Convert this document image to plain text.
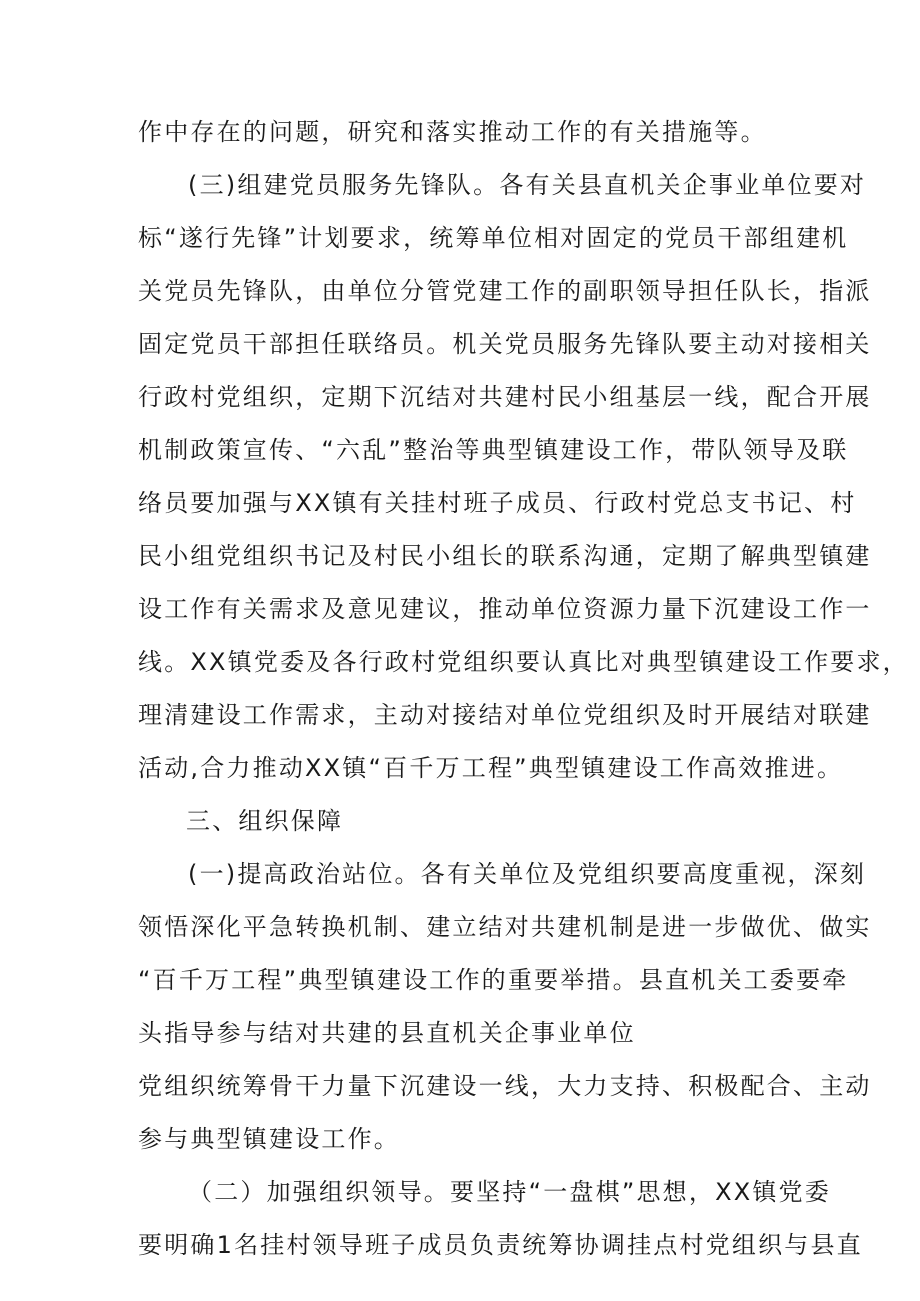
作中存在的问题，研究和落实推动工作的有关措施等。
(三)组建党员服务先锋队。各有关县直机关企事业单位要对
标“遂行先锋”计划要求，统筹单位相对固定的党员干部组建机
关党员先锋队，由单位分管党建工作的副职领导担任队长，指派
固定党员干部担任联络员。机关党员服务先锋队要主动对接相关
行政村党组织，定期下沉结对共建村民小组基层一线，配合开展
机制政策宣传、“六乱”整治等典型镇建设工作，带队领导及联
络员要加强与XX镇有关挂村班子成员、行政村党总支书记、村
民小组党组织书记及村民小组长的联系沟通，定期了解典型镇建
设工作有关需求及意见建议，推动单位资源力量下沉建设工作一
线。XX镇党委及各行政村党组织要认真比对典型镇建设工作要求，
理清建设工作需求，主动对接结对单位党组织及时开展结对联建
活动,合力推动XX镇“百千万工程”典型镇建设工作高效推进。
三、组织保障
(一)提高政治站位。各有关单位及党组织要高度重视，深刻
领悟深化平急转换机制、建立结对共建机制是进一步做优、做实
“百千万工程”典型镇建设工作的重要举措。县直机关工委要牵
头指导参与结对共建的县直机关企事业单位
党组织统筹骨干力量下沉建设一线，大力支持、积极配合、主动
参与典型镇建设工作。
（二）加强组织领导。要坚持“一盘棋”思想，XX镇党委
要明确1名挂村领导班子成员负责统筹协调挂点村党组织与县直
